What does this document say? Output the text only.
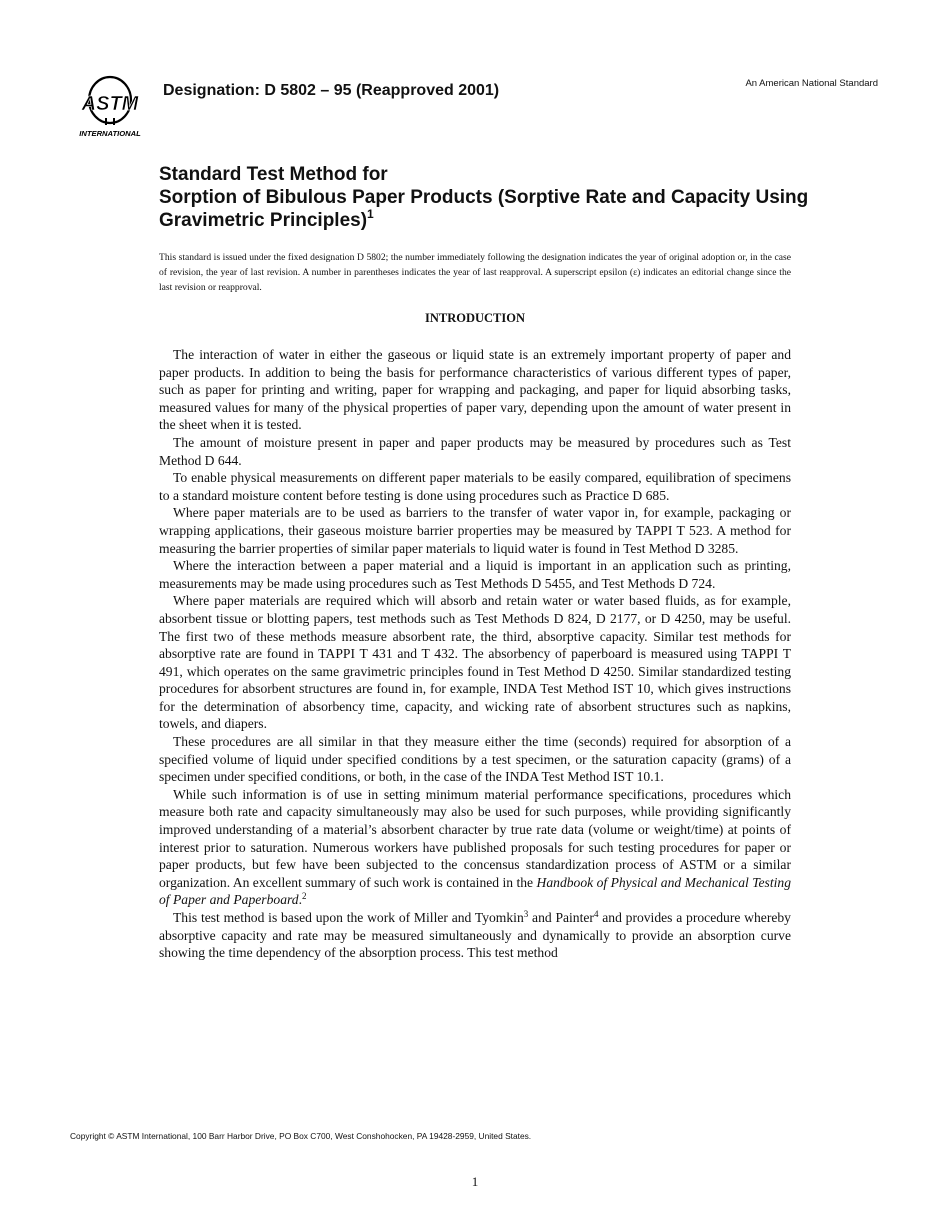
ASTM
INTERNATIONAL
Designation: D 5802 – 95 (Reapproved 2001)	An American National Standard
Standard Test Method for
Sorption of Bibulous Paper Products (Sorptive Rate and Capacity Using Gravimetric Principles)$^1$
This standard is issued under the fixed designation D 5802; the number immediately following the designation indicates the year of original adoption or, in the case of revision, the year of last revision. A number in parentheses indicates the year of last reapproval. A superscript epsilon (ε) indicates an editorial change since the last revision or reapproval.
INTRODUCTION

The interaction of water in either the gaseous or liquid state is an extremely important property of paper and paper products. In addition to being the basis for performance characteristics of various different types of paper, such as paper for printing and writing, paper for wrapping and packaging, and paper for liquid absorbing tasks, measured values for many of the physical properties of paper vary, depending upon the amount of water present in the sheet when it is tested.

The amount of moisture present in paper and paper products may be measured by procedures such as Test Method D 644.

To enable physical measurements on different paper materials to be easily compared, equilibration of specimens to a standard moisture content before testing is done using procedures such as Practice D 685.

Where paper materials are to be used as barriers to the transfer of water vapor in, for example, packaging or wrapping applications, their gaseous moisture barrier properties may be measured by TAPPI T 523. A method for measuring the barrier properties of similar paper materials to liquid water is found in Test Method D 3285.

Where the interaction between a paper material and a liquid is important in an application such as printing, measurements may be made using procedures such as Test Methods D 5455, and Test Methods D 724.

Where paper materials are required which will absorb and retain water or water based fluids, as for example, absorbent tissue or blotting papers, test methods such as Test Methods D 824, D 2177, or D 4250, may be useful. The first two of these methods measure absorbent rate, the third, absorptive capacity. Similar test methods for absorptive rate are found in TAPPI T 431 and T 432. The absorbency of paperboard is measured using TAPPI T 491, which operates on the same gravimetric principles found in Test Method D 4250. Similar standardized testing procedures for absorbent structures are found in, for example, INDA Test Method IST 10, which gives instructions for the determination of absorbency time, capacity, and wicking rate of absorbent structures such as napkins, towels, and diapers.

These procedures are all similar in that they measure either the time (seconds) required for absorption of a specified volume of liquid under specified conditions by a test specimen, or the saturation capacity (grams) of a specimen under specified conditions, or both, in the case of the INDA Test Method IST 10.1.

While such information is of use in setting minimum material performance specifications, procedures which measure both rate and capacity simultaneously may also be used for such purposes, while providing significantly improved understanding of a material’s absorbent character by true rate data (volume or weight/time) at points of interest prior to saturation. Numerous workers have published proposals for such testing procedures for paper or paper products, but few have been subjected to the concensus standardization process of ASTM or a similar organization. An excellent summary of such work is contained in the Handbook of Physical and Mechanical Testing of Paper and Paperboard.$^2$

This test method is based upon the work of Miller and Tyomkin$^3$ and Painter$^4$ and provides a procedure whereby absorptive capacity and rate may be measured simultaneously and dynamically to provide an absorption curve showing the time dependency of the absorption process. This test method

Copyright © ASTM International, 100 Barr Harbor Drive, PO Box C700, West Conshohocken, PA 19428-2959, United States.
1
